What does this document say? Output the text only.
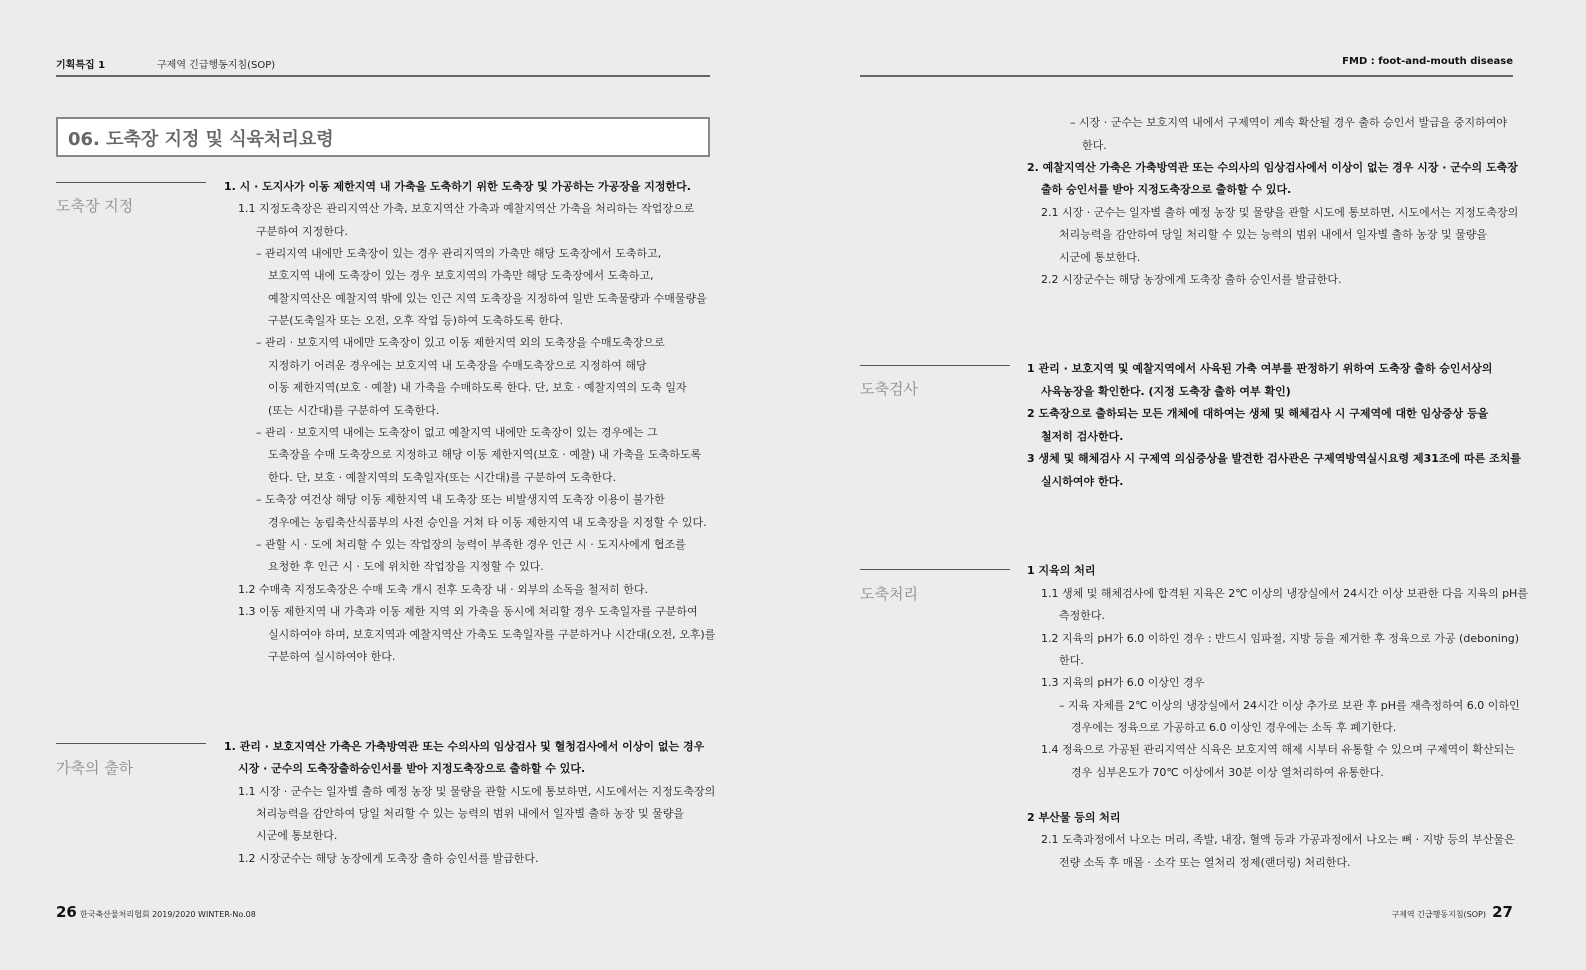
기획특집 1	구제역 긴급행동지침(SOP)	FMD : foot-and-mouth disease
06. 도축장 지정 및 식육처리요령
도축장 지정
1. 시 · 도지사가 이동 제한지역 내 가축을 도축하기 위한 도축장 및 가공하는 가공장을 지정한다.
1.1 지정도축장은 관리지역산 가축, 보호지역산 가축과 예찰지역산 가축을 처리하는 작업장으로
구분하여 지정한다.
– 관리지역 내에만 도축장이 있는 경우 관리지역의 가축만 해당 도축장에서 도축하고,
보호지역 내에 도축장이 있는 경우 보호지역의 가축만 해당 도축장에서 도축하고,
예찰지역산은 예찰지역 밖에 있는 인근 지역 도축장을 지정하여 일반 도축물량과 수매물량을
구분(도축일자 또는 오전, 오후 작업 등)하여 도축하도록 한다.
– 관리 · 보호지역 내에만 도축장이 있고 이동 제한지역 외의 도축장을 수매도축장으로
지정하기 어려운 경우에는 보호지역 내 도축장을 수매도축장으로 지정하여 해당
이동 제한지역(보호 · 예찰) 내 가축을 수매하도록 한다. 단, 보호 · 예찰지역의 도축 일자
(또는 시간대)를 구분하여 도축한다.
– 관리 · 보호지역 내에는 도축장이 없고 예찰지역 내에만 도축장이 있는 경우에는 그
도축장을 수매 도축장으로 지정하고 해당 이동 제한지역(보호 · 예찰) 내 가축을 도축하도록
한다. 단, 보호 · 예찰지역의 도축일자(또는 시간대)를 구분하여 도축한다.
– 도축장 여건상 해당 이동 제한지역 내 도축장 또는 비발생지역 도축장 이용이 불가한
경우에는 농림축산식품부의 사전 승인을 거쳐 타 이동 제한지역 내 도축장을 지정할 수 있다.
– 관할 시 · 도에 처리할 수 있는 작업장의 능력이 부족한 경우 인근 시 · 도지사에게 협조를
요청한 후 인근 시 · 도에 위치한 작업장을 지정할 수 있다.
1.2 수매축 지정도축장은 수매 도축 개시 전후 도축장 내 · 외부의 소독을 철저히 한다.
1.3 이동 제한지역 내 가축과 이동 제한 지역 외 가축을 동시에 처리할 경우 도축일자를 구분하여
실시하여야 하며, 보호지역과 예찰지역산 가축도 도축일자를 구분하거나 시간대(오전, 오후)를
구분하여 실시하여야 한다.
가축의 출하
1. 관리 · 보호지역산 가축은 가축방역관 또는 수의사의 임상검사 및 혈청검사에서 이상이 없는 경우
시장 · 군수의 도축장출하승인서를 받아 지정도축장으로 출하할 수 있다.
1.1 시장 · 군수는 일자별 출하 예정 농장 및 물량을 관할 시도에 통보하면, 시도에서는 지정도축장의
처리능력을 감안하여 당일 처리할 수 있는 능력의 범위 내에서 일자별 출하 농장 및 물량을
시군에 통보한다.
1.2 시장군수는 해당 농장에게 도축장 출하 승인서를 발급한다.
26 한국축산물처리협회 2019/2020 WINTER-No.08
– 시장 · 군수는 보호지역 내에서 구제역이 계속 확산될 경우 출하 승인서 발급을 중지하여야
한다.
2. 예찰지역산 가축은 가축방역관 또는 수의사의 임상검사에서 이상이 없는 경우 시장 · 군수의 도축장
출하 승인서를 받아 지정도축장으로 출하할 수 있다.
2.1 시장 · 군수는 일자별 출하 예정 농장 및 물량을 관할 시도에 통보하면, 시도에서는 지정도축장의
처리능력을 감안하여 당일 처리할 수 있는 능력의 범위 내에서 일자별 출하 농장 및 물량을
시군에 통보한다.
2.2 시장군수는 해당 농장에게 도축장 출하 승인서를 발급한다.
도축검사
1 관리 · 보호지역 및 예찰지역에서 사육된 가축 여부를 판정하기 위하여 도축장 출하 승인서상의
사육농장을 확인한다. (지정 도축장 출하 여부 확인)
2 도축장으로 출하되는 모든 개체에 대하여는 생체 및 해체검사 시 구제역에 대한 임상증상 등을
철저히 검사한다.
3 생체 및 해체검사 시 구제역 의심증상을 발견한 검사관은 구제역방역실시요령 제31조에 따른 조치를
실시하여야 한다.
도축처리
1 지육의 처리
1.1 생체 및 해체검사에 합격된 지육은 2℃ 이상의 냉장실에서 24시간 이상 보관한 다음 지육의 pH를
측정한다.
1.2 지육의 pH가 6.0 이하인 경우 : 반드시 임파절, 지방 등을 제거한 후 정육으로 가공 (deboning)
한다.
1.3 지육의 pH가 6.0 이상인 경우
– 지육 자체를 2℃ 이상의 냉장실에서 24시간 이상 추가로 보관 후 pH를 재측정하여 6.0 이하인
경우에는 정육으로 가공하고 6.0 이상인 경우에는 소독 후 폐기한다.
1.4 정육으로 가공된 관리지역산 식육은 보호지역 해제 시부터 유통할 수 있으며 구제역이 확산되는
경우 심부온도가 70℃ 이상에서 30분 이상 열처리하여 유통한다.
2 부산물 등의 처리
2.1 도축과정에서 나오는 머리, 족발, 내장, 혈액 등과 가공과정에서 나오는 뼈 · 지방 등의 부산물은
전량 소독 후 매몰 · 소각 또는 열처리 정제(랜더링) 처리한다.
구제역 긴급행동지침(SOP) 27
